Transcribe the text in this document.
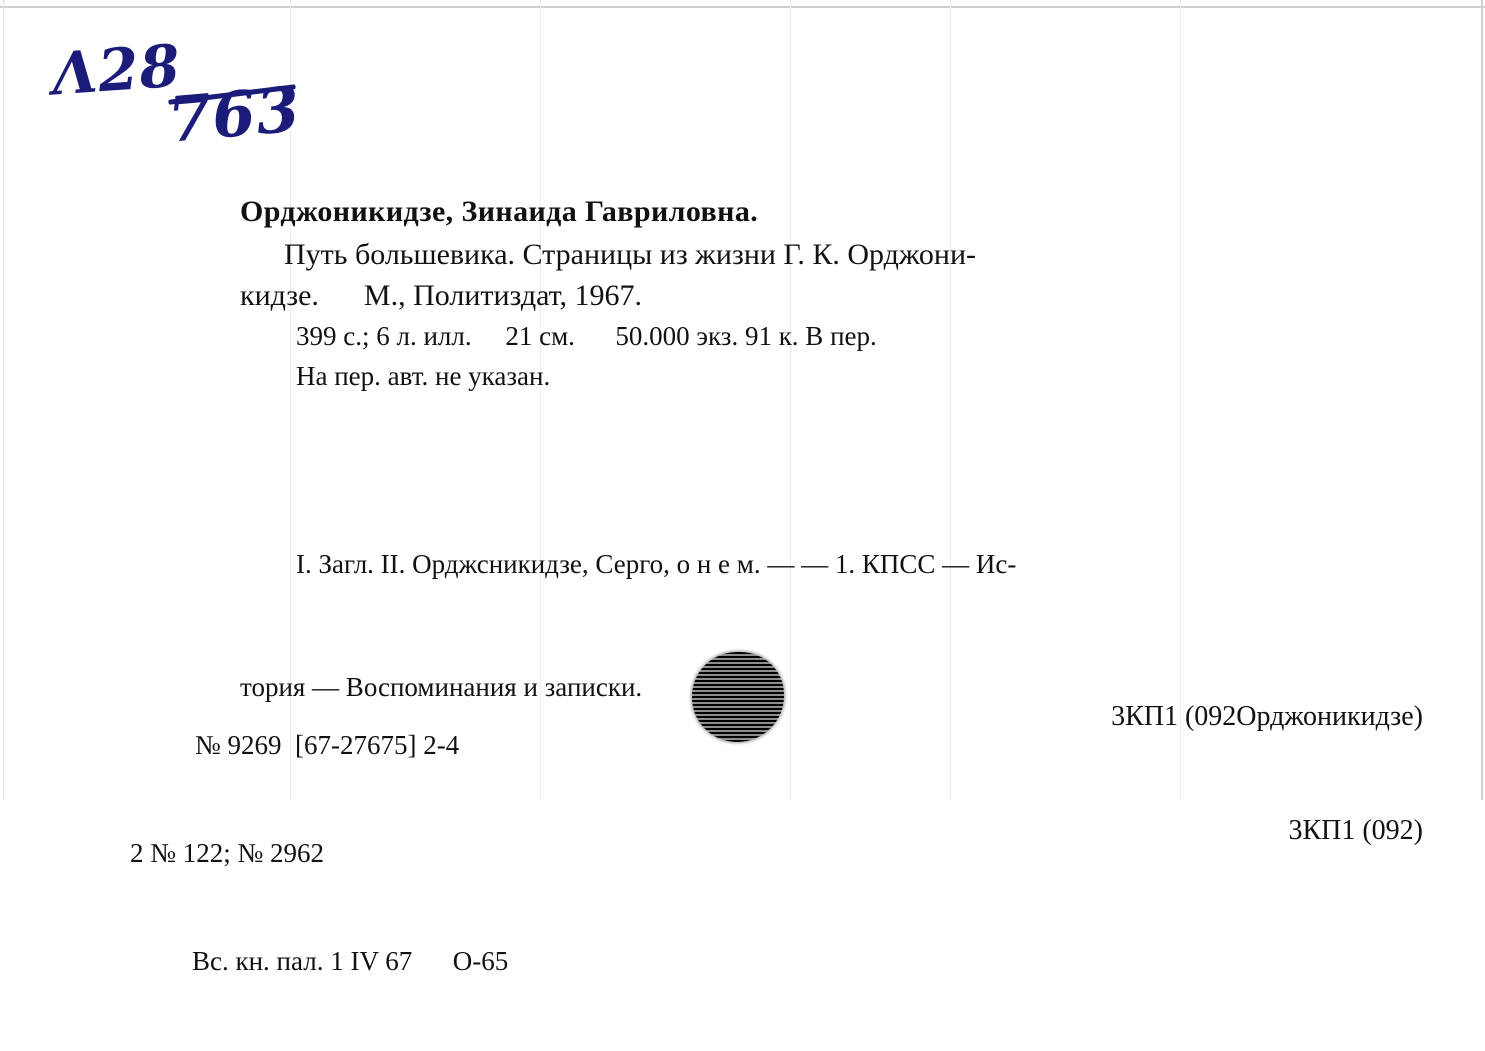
Λ28
763
Орджоникидзе, Зинаида Гавриловна.
Путь большевика. Страницы из жизни Г. К. Орджони-
кидзе.      М., Политиздат, 1967.
399 с.; 6 л. илл.     21 см.      50.000 экз. 91 к. В пер.
На пер. авт. не указан.

I. Загл. II. Орджсникидзе, Серго, о н е м. — — 1. КПСС — Ис-

тория — Воспоминания и записки.

№ 9269  [67-27675] 2-4

2 № 122; № 2962

Вс. кн. пал. 1 IV 67      О-65

3КП1 (092Орджоникидзе)

3КП1 (092)
